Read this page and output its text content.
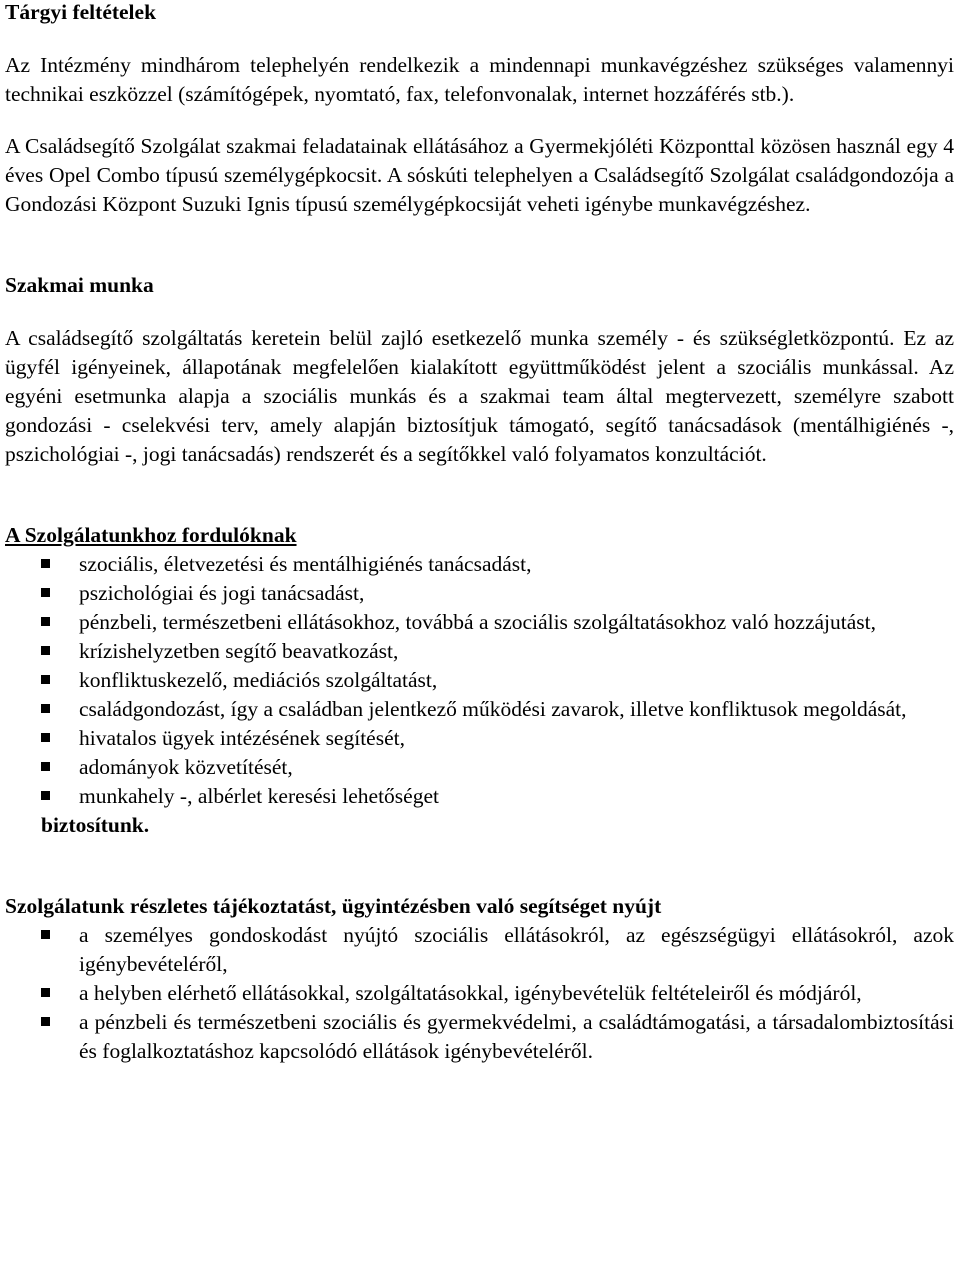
Tárgyi feltételek

Az Intézmény mindhárom telephelyén rendelkezik a mindennapi munkavégzéshez szükséges valamennyi technikai eszközzel (számítógépek, nyomtató, fax, telefonvonalak, internet hozzáférés stb.).

A Családsegítő Szolgálat szakmai feladatainak ellátásához a Gyermekjóléti Központtal közösen használ egy 4 éves Opel Combo típusú személygépkocsit. A sóskúti telephelyen a Családsegítő Szolgálat családgondozója a Gondozási Központ Suzuki Ignis típusú személygépkocsiját veheti igénybe munkavégzéshez.

Szakmai munka

A családsegítő szolgáltatás keretein belül zajló esetkezelő munka személy - és szükségletközpontú. Ez az ügyfél igényeinek, állapotának megfelelően kialakított együttműködést jelent a szociális munkással. Az egyéni esetmunka alapja a szociális munkás és a szakmai team által megtervezett, személyre szabott gondozási - cselekvési terv, amely alapján biztosítjuk támogató, segítő tanácsadások (mentálhigiénés -, pszichológiai -, jogi tanácsadás) rendszerét és a segítőkkel való folyamatos konzultációt.

A Szolgálatunkhoz fordulóknak
szociális, életvezetési és mentálhigiénés tanácsadást,
pszichológiai és jogi tanácsadást,
pénzbeli, természetbeni ellátásokhoz, továbbá a szociális szolgáltatásokhoz való hozzájutást,
krízishelyzetben segítő beavatkozást,
konfliktuskezelő, mediációs szolgáltatást,
családgondozást, így a családban jelentkező működési zavarok, illetve konfliktusok megoldását,
hivatalos ügyek intézésének segítését,
adományok közvetítését,
munkahely -, albérlet keresési lehetőséget

biztosítunk.

Szolgálatunk részletes tájékoztatást, ügyintézésben való segítséget nyújt
a személyes gondoskodást nyújtó szociális ellátásokról, az egészségügyi ellátásokról, azok igénybevételéről,
a helyben elérhető ellátásokkal, szolgáltatásokkal, igénybevételük feltételeiről és módjáról,
a pénzbeli és természetbeni szociális és gyermekvédelmi, a családtámogatási, a társadalombiztosítási és foglalkoztatáshoz kapcsolódó ellátások igénybevételéről.
